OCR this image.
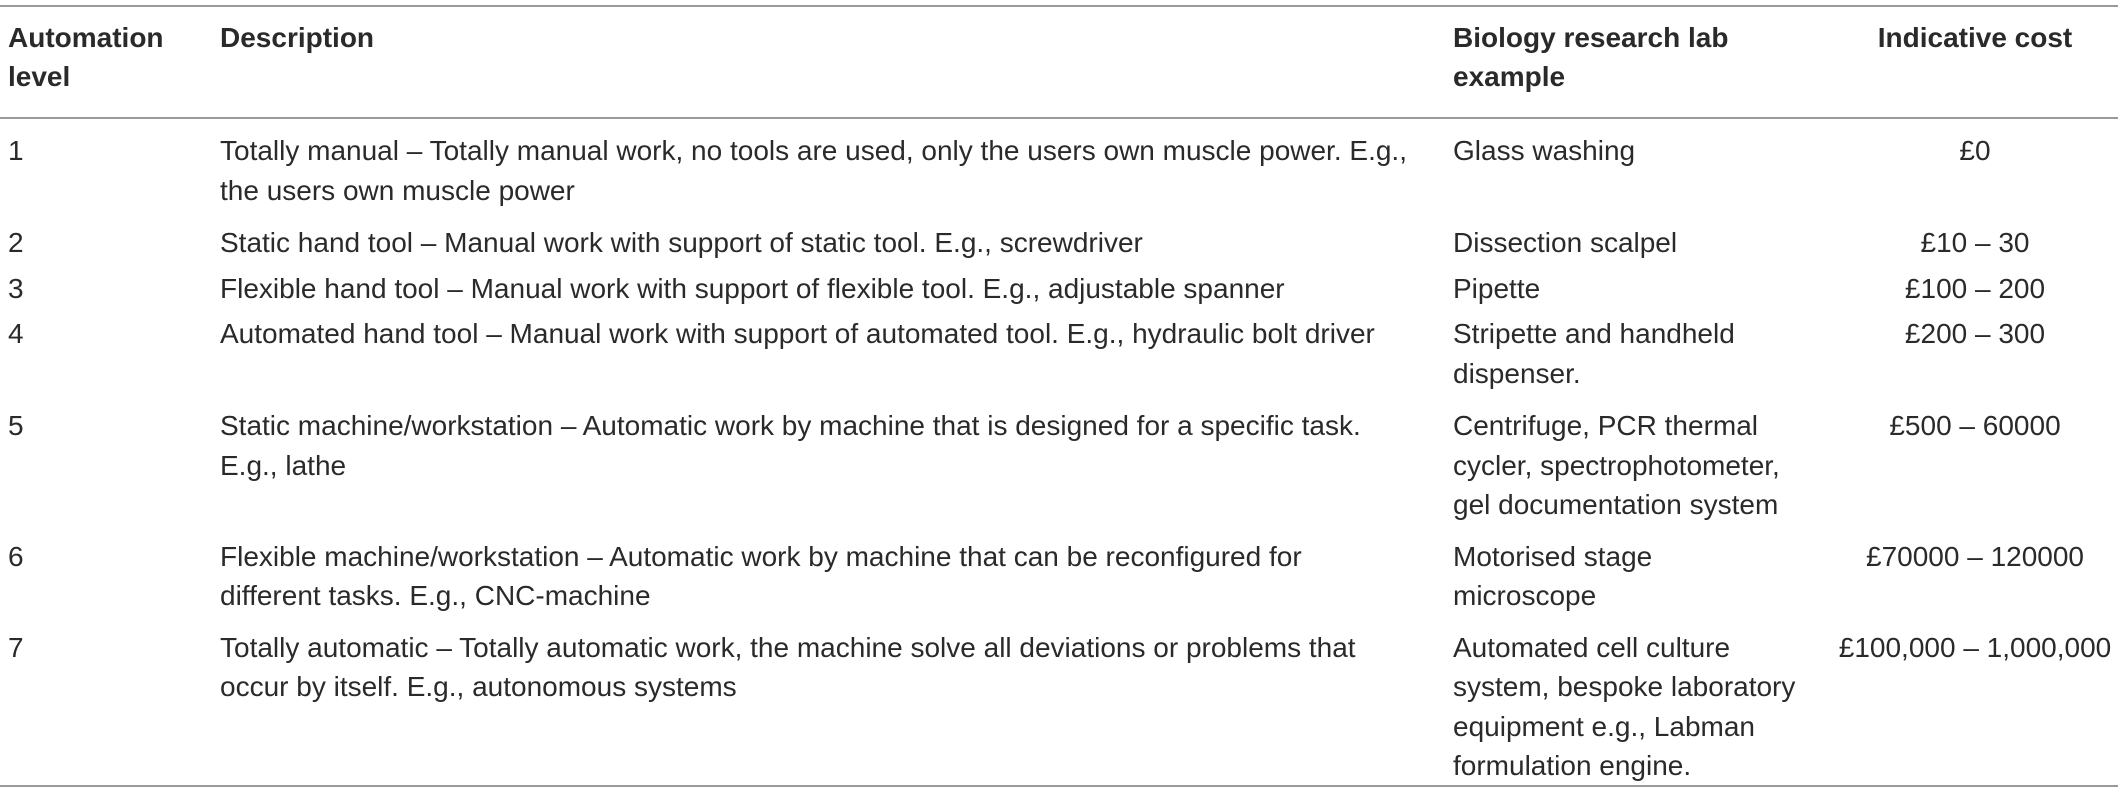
Automation level	Description	Biology research lab example	Indicative cost
1	Totally manual – Totally manual work, no tools are used, only the users own muscle power. E.g., the users own muscle power	Glass washing	£0
2	Static hand tool – Manual work with support of static tool. E.g., screwdriver	Dissection scalpel	£10 – 30
3	Flexible hand tool – Manual work with support of flexible tool. E.g., adjustable spanner	Pipette	£100 – 200
4	Automated hand tool – Manual work with support of automated tool. E.g., hydraulic bolt driver	Stripette and handheld dispenser.	£200 – 300
5	Static machine/workstation – Automatic work by machine that is designed for a specific task. E.g., lathe	Centrifuge, PCR thermal cycler, spectrophotometer, gel documentation system	£500 – 60000
6	Flexible machine/workstation – Automatic work by machine that can be reconfigured for different tasks. E.g., CNC-machine	Motorised stage microscope	£70000 – 120000
7	Totally automatic – Totally automatic work, the machine solve all deviations or problems that occur by itself. E.g., autonomous systems	Automated cell culture system, bespoke laboratory equipment e.g., Labman formulation engine.	£100,000 – 1,000,000
